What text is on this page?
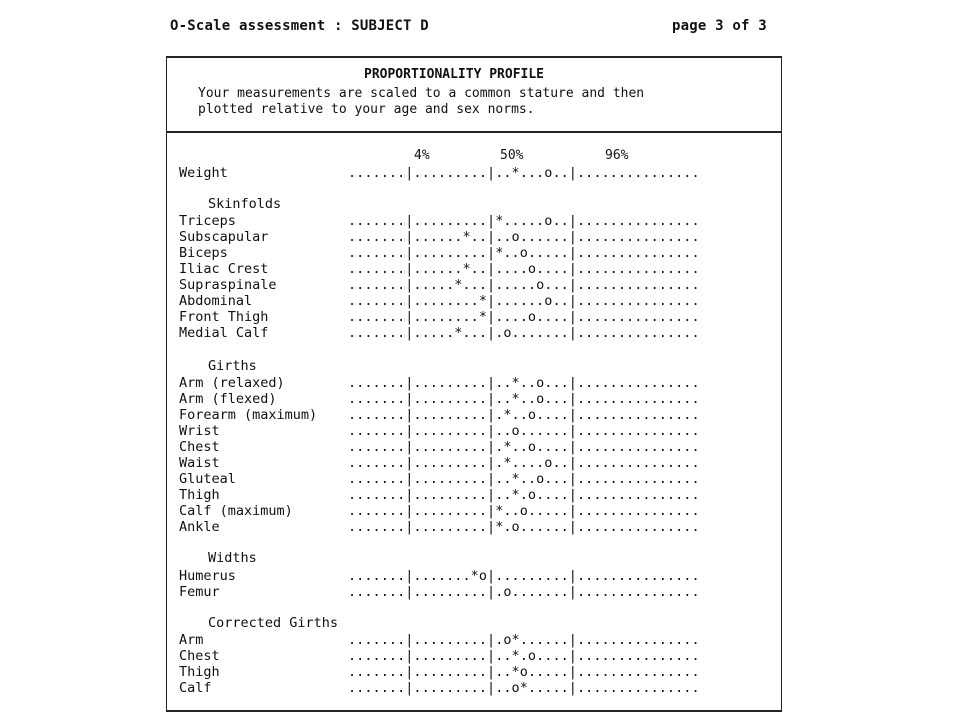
O-Scale assessment : SUBJECT D	page 3 of 3
PROPORTIONALITY PROFILE
Your measurements are scaled to a common stature and then
plotted relative to your age and sex norms.
4%	50%	96%
Weight	.......|.........|..*...o..|...............
Skinfolds
Triceps	.......|.........|*.....o..|...............
Subscapular	.......|......*..|..o......|...............
Biceps	.......|.........|*..o.....|...............
Iliac Crest	.......|......*..|....o....|...............
Supraspinale	.......|.....*...|.....o...|...............
Abdominal	.......|........*|......o..|...............
Front Thigh	.......|........*|....o....|...............
Medial Calf	.......|.....*...|.o.......|...............
Girths
Arm (relaxed)	.......|.........|..*..o...|...............
Arm (flexed)	.......|.........|..*..o...|...............
Forearm (maximum) .......|.........|.*..o....|...............
Wrist	.......|.........|..o......|...............
Chest	.......|.........|.*..o....|...............
Waist	.......|.........|.*....o..|...............
Gluteal	.......|.........|..*..o...|...............
Thigh	.......|.........|..*.o....|...............
Calf (maximum)	.......|.........|*..o.....|...............
Ankle	.......|.........|*.o......|...............
Widths
Humerus	.......|.......*o|.........|...............
Femur	.......|.........|.o.......|...............
Corrected Girths
Arm	.......|.........|.o*......|...............
Chest	.......|.........|..*.o....|...............
Thigh	.......|.........|..*o.....|...............
Calf	.......|.........|..o*.....|...............
